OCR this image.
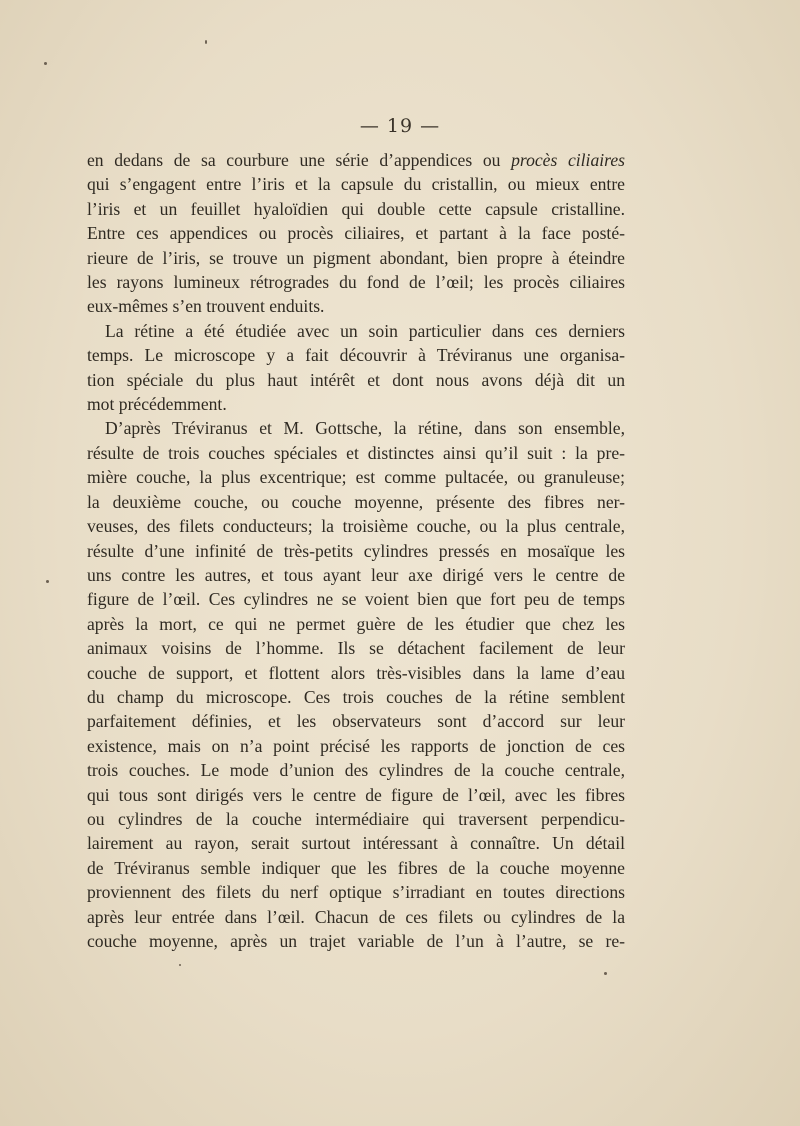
— 19 —
en dedans de sa courbure une série d’appendices ou procès ciliaires
qui s’engagent entre l’iris et la capsule du cristallin, ou mieux entre
l’iris et un feuillet hyaloïdien qui double cette capsule cristalline.
Entre ces appendices ou procès ciliaires, et partant à la face posté-
rieure de l’iris, se trouve un pigment abondant, bien propre à éteindre
les rayons lumineux rétrogrades du fond de l’œil; les procès ciliaires
eux-mêmes s’en trouvent enduits.
La rétine a été étudiée avec un soin particulier dans ces derniers
temps. Le microscope y a fait découvrir à Tréviranus une organisa-
tion spéciale du plus haut intérêt et dont nous avons déjà dit un
mot précédemment.
D’après Tréviranus et M. Gottsche, la rétine, dans son ensemble,
résulte de trois couches spéciales et distinctes ainsi qu’il suit : la pre-
mière couche, la plus excentrique; est comme pultacée, ou granuleuse;
la deuxième couche, ou couche moyenne, présente des fibres ner-
veuses, des filets conducteurs; la troisième couche, ou la plus centrale,
résulte d’une infinité de très-petits cylindres pressés en mosaïque les
uns contre les autres, et tous ayant leur axe dirigé vers le centre de
figure de l’œil. Ces cylindres ne se voient bien que fort peu de temps
après la mort, ce qui ne permet guère de les étudier que chez les
animaux voisins de l’homme. Ils se détachent facilement de leur
couche de support, et flottent alors très-visibles dans la lame d’eau
du champ du microscope. Ces trois couches de la rétine semblent
parfaitement définies, et les observateurs sont d’accord sur leur
existence, mais on n’a point précisé les rapports de jonction de ces
trois couches. Le mode d’union des cylindres de la couche centrale,
qui tous sont dirigés vers le centre de figure de l’œil, avec les fibres
ou cylindres de la couche intermédiaire qui traversent perpendicu-
lairement au rayon, serait surtout intéressant à connaître. Un détail
de Tréviranus semble indiquer que les fibres de la couche moyenne
proviennent des filets du nerf optique s’irradiant en toutes directions
après leur entrée dans l’œil. Chacun de ces filets ou cylindres de la
couche moyenne, après un trajet variable de l’un à l’autre, se re-
